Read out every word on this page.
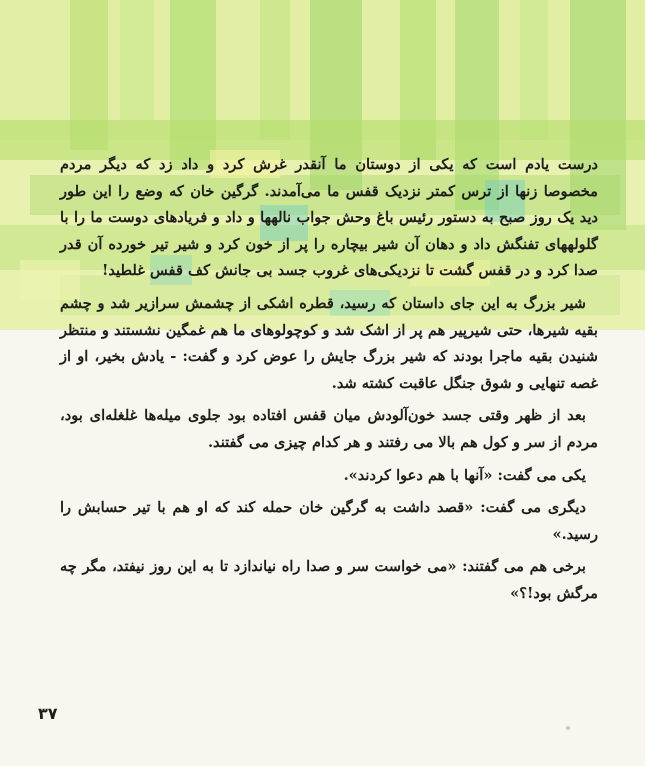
درست یادم است که یکی از دوستان ما آنقدر غرش کرد و داد زد که دیگر مردم مخصوصا زنها از ترس کمتر نزدیک قفس ما می‌آمدند. گرگین خان که وضع را این طور دید یک روز صبح به دستور رئیس باغ وحش جواب نالهها و داد و فریادهای دوست ما را با گلولههای تفنگش داد و دهان آن شیر بیچاره را پر از خون کرد و شیر تیر خورده آن قدر صدا کرد و در قفس گشت تا نزدیکی‌های غروب جسد بی جانش کف قفس غلطید!

شیر بزرگ به این جای داستان که رسید، قطره اشکی از چشمش سرازیر شد و چشم بقیه شیرها، حتی شیرپیر هم پر از اشک شد و کوچولوهای ما هم غمگین نشستند و منتظر شنیدن بقیه ماجرا بودند که شیر بزرگ جایش را عوض کرد و گفت: - یادش بخیر، او از غصه تنهایی و شوق جنگل عاقبت کشته شد.

بعد از ظهر وقتی جسد خون‌آلودش میان قفس افتاده بود جلوی میله‌ها غلغله‌ای بود، مردم از سر و کول هم بالا می رفتند و هر کدام چیزی می گفتند.

یکی می گفت: «آنها با هم دعوا کردند».

دیگری می گفت: «قصد داشت به گرگین خان حمله کند که او هم با تیر حسابش را رسید.»

برخی هم می گفتند: «می خواست سر و صدا راه نیاندازد تا به این روز نیفتد، مگر چه مرگش بود!؟»

۳۷
